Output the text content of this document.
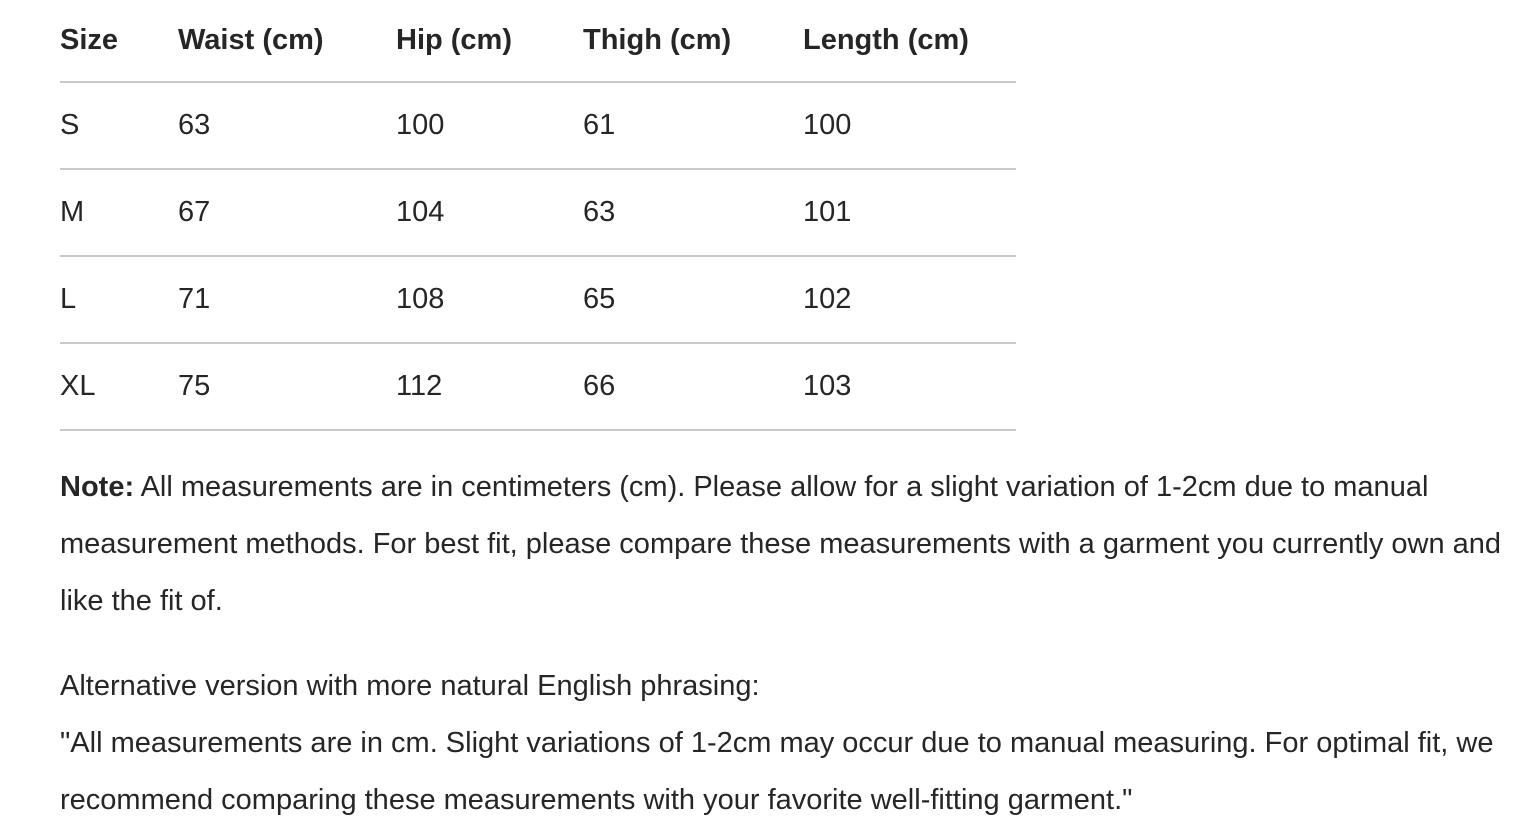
Size	Waist (cm)	Hip (cm)	Thigh (cm)	Length (cm)
S	63	100	61	100
M	67	104	63	101
L	71	108	65	102
XL	75	112	66	103

Note: All measurements are in centimeters (cm). Please allow for a slight variation of 1-2cm due to manual measurement methods. For best fit, please compare these measurements with a garment you currently own and like the fit of.

Alternative version with more natural English phrasing:
"All measurements are in cm. Slight variations of 1-2cm may occur due to manual measuring. For optimal fit, we recommend comparing these measurements with your favorite well-fitting garment."
